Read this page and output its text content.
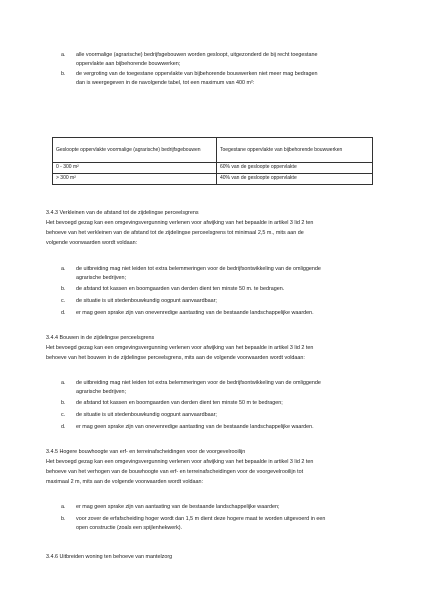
a.	alle voormalige (agrarische) bedrijfsgebouwen worden gesloopt, uitgezonderd de bij recht toegestane
oppervlakte aan bijbehorende bouwwerken;
b.	de vergroting van de toegestane oppervlakte van bijbehorende bouwwerken niet meer mag bedragen
dan is weergegeven in de navolgende tabel, tot een maximum van 400 m²:
Gesloopte oppervlakte voormalige (agrarische) bedrijfsgebouwen	Toegestane oppervlakte van bijbehorende bouwwerken
0 - 300 m²	60% van de gesloopte oppervlakte
> 300 m²	40% van de gesloopte oppervlakte
3.4.3 Verkleinen van de afstand tot de zijdelingse perceelsgrens
Het bevoegd gezag kan een omgevingsvergunning verlenen voor afwijking van het bepaalde in artikel 3 lid 2 ten
behoeve van het verkleinen van de afstand tot de zijdelingse perceelsgrens tot minimaal 2,5 m., mits aan de
volgende voorwaarden wordt voldaan:
a.	de uitbreiding mag niet leiden tot extra belemmeringen voor de bedrijfsontwikkeling van de omliggende
agrarische bedrijven;
b.	de afstand tot kassen en boomgaarden van derden dient ten minste 50 m. te bedragen.
c.	de situatie is uit stedenbouwkundig oogpunt aanvaardbaar;
d.	er mag geen sprake zijn van onevenredige aantasting van de bestaande landschappelijke waarden.
3.4.4 Bouwen in de zijdelingse perceelsgrens
Het bevoegd gezag kan een omgevingsvergunning verlenen voor afwijking van het bepaalde in artikel 3 lid 2 ten
behoeve van het bouwen in de zijdelingse perceelsgrens, mits aan de volgende voorwaarden wordt voldaan:
a.	de uitbreiding mag niet leiden tot extra belemmeringen voor de bedrijfsontwikkeling van de omliggende
agrarische bedrijven;
b.	de afstand tot kassen en boomgaarden van derden dient ten minste 50 m te bedragen;
c.	de situatie is uit stedenbouwkundig oogpunt aanvaardbaar;
d.	er mag geen sprake zijn van onevenredige aantasting van de bestaande landschappelijke waarden.
3.4.5 Hogere bouwhoogte van erf- en terreinafscheidingen voor de voorgevelrooilijn
Het bevoegd gezag kan een omgevingsvergunning verlenen voor afwijking van het bepaalde in artikel 3 lid 2 ten
behoeve van het verhogen van de bouwhoogte van erf- en terreinafscheidingen voor de voorgevelrooilijn tot
maximaal 2 m, mits aan de volgende voorwaarden wordt voldaan:
a.	er mag geen sprake zijn van aantasting van de bestaande landschappelijke waarden;
b.	voor zover de erfafscheiding hoger wordt dan 1,5 m dient deze hogere maat te worden uitgevoerd in een
open constructie (zoals een spijlenhekwerk).
3.4.6 Uitbreiden woning ten behoeve van mantelzorg
